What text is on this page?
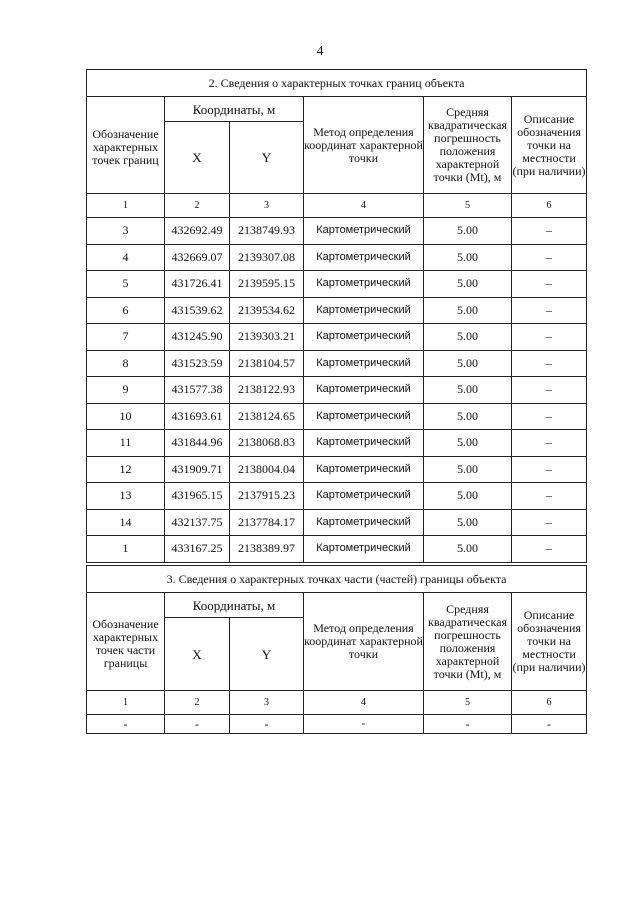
4
2. Сведения о характерных точках границ объекта					
Обозначение характерных точек границ	Координаты, м		Метод определения координат характерной точки	Средняя квадратическая погрешность положения характерной точки (Mt), м	Описание обозначения точки на местности (при наличии)
	X	Y			
1	2	3	4	5	6
3	432692.49	2138749.93	Картометрический	5.00	–
4	432669.07	2139307.08	Картометрический	5.00	–
5	431726.41	2139595.15	Картометрический	5.00	–
6	431539.62	2139534.62	Картометрический	5.00	–
7	431245.90	2139303.21	Картометрический	5.00	–
8	431523.59	2138104.57	Картометрический	5.00	–
9	431577.38	2138122.93	Картометрический	5.00	–
10	431693.61	2138124.65	Картометрический	5.00	–
11	431844.96	2138068.83	Картометрический	5.00	–
12	431909.71	2138004.04	Картометрический	5.00	–
13	431965.15	2137915.23	Картометрический	5.00	–
14	432137.75	2137784.17	Картометрический	5.00	–
1	433167.25	2138389.97	Картометрический	5.00	–
3. Сведения о характерных точках части (частей) границы объекта					
Обозначение характерных точек части границы	Координаты, м		Метод определения координат характерной точки	Средняя квадратическая погрешность положения характерной точки (Mt), м	Описание обозначения точки на местности (при наличии)
	X	Y			
1	2	3	4	5	6
-	-	-	-	-	-
